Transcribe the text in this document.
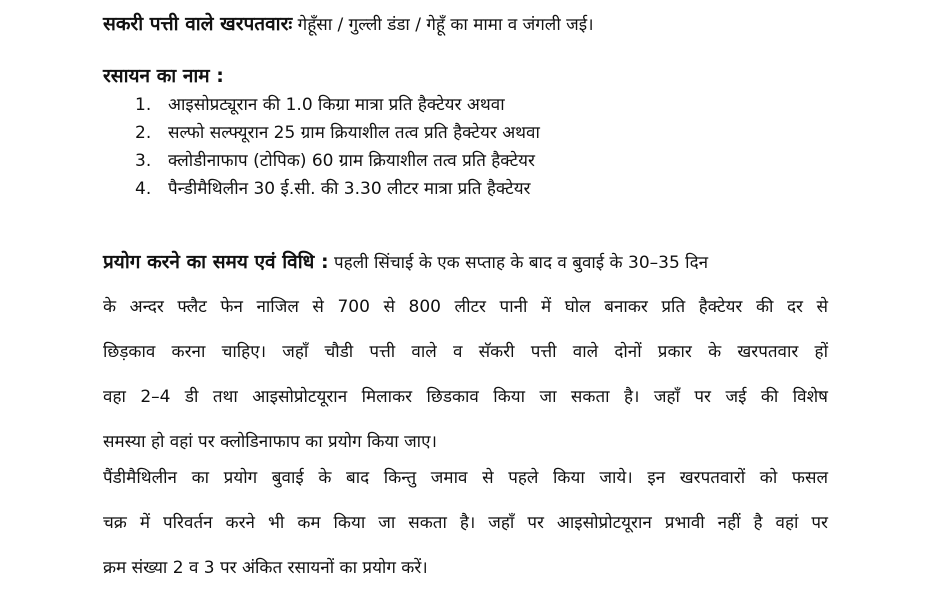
सकरी पत्ती वाले खरपतवारः गेहूँसा / गुल्ली डंडा / गेहूँ का मामा व जंगली जई।
रसायन का नाम :
1. आइसोप्रट्यूरान की 1.0 किग्रा मात्रा प्रति हैक्टेयर अथवा
2. सल्फो सल्फ्यूरान 25 ग्राम क्रियाशील तत्व प्रति हैक्टेयर अथवा
3. क्लोडीनाफाप (टोपिक) 60 ग्राम क्रियाशील तत्व प्रति हैक्टेयर
4. पैन्डीमैथिलीन 30 ई.सी. की 3.30 लीटर मात्रा प्रति हैक्टेयर
प्रयोग करने का समय एवं विधि : पहली सिंचाई के एक सप्ताह के बाद व बुवाई के 30–35 दिन
के अन्दर फ्लैट फेन नाजिल से 700 से 800 लीटर पानी में घोल बनाकर प्रति हैक्टेयर की दर से
छिड़काव करना चाहिए। जहाँ चौडी पत्ती वाले व सॅकरी पत्ती वाले दोनों प्रकार के खरपतवार हों
वहा 2–4 डी तथा आइसोप्रोटयूरान मिलाकर छिडकाव किया जा सकता है। जहाँ पर जई की विशेष
समस्या हो वहां पर क्लोडिनाफाप का प्रयोग किया जाए।
पैंडीमैथिलीन का प्रयोग बुवाई के बाद किन्तु जमाव से पहले किया जाये। इन खरपतवारों को फसल
चक्र में परिवर्तन करने भी कम किया जा सकता है। जहाँ पर आइसोप्रोटयूरान प्रभावी नहीं है वहां पर
क्रम संख्या 2 व 3 पर अंकित रसायनों का प्रयोग करें।
